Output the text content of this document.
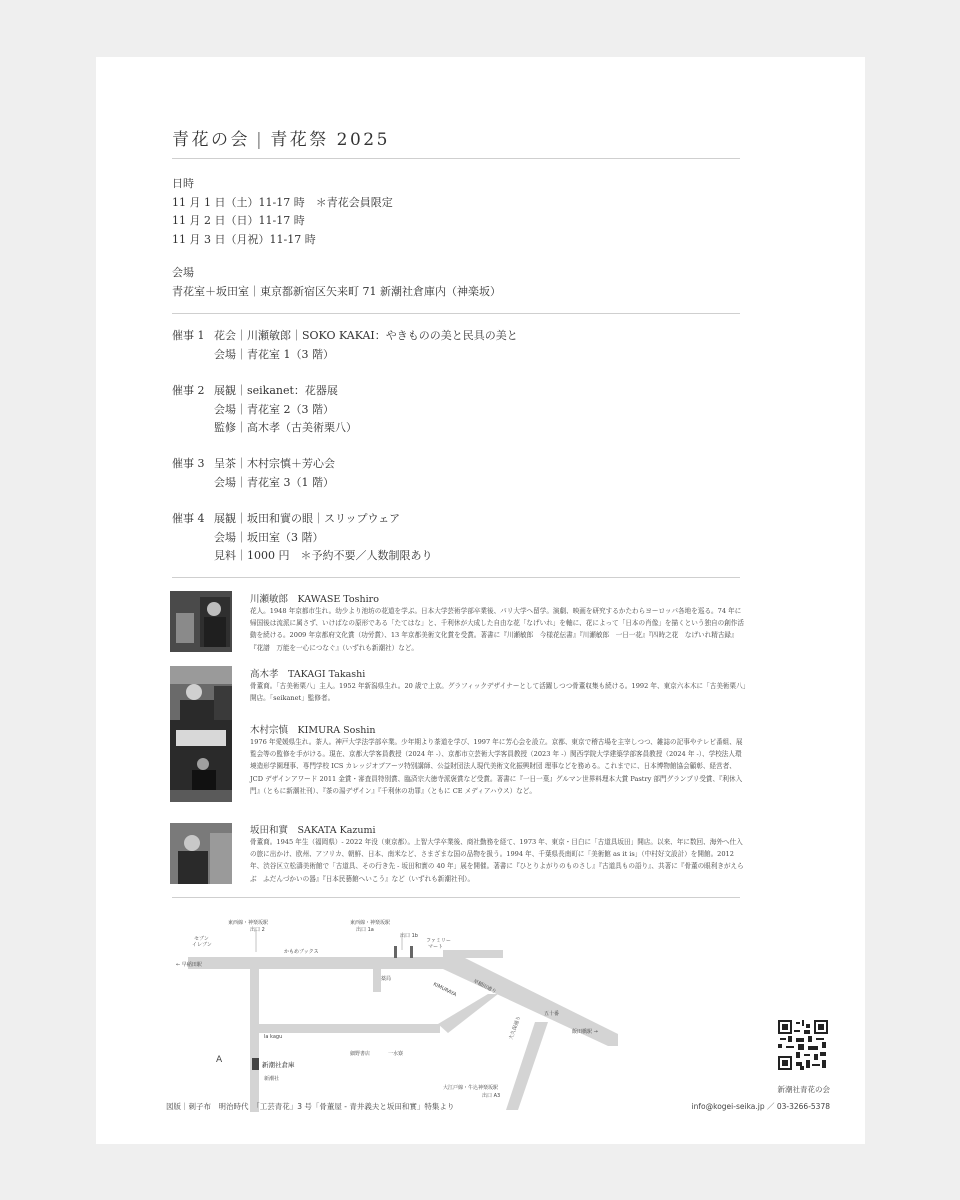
青花の会 | 青花祭 2025
日時
11 月 1 日（土）11-17 時　＊青花会員限定
11 月 2 日（日）11-17 時
11 月 3 日（月祝）11-17 時
会場
青花室＋坂田室｜東京都新宿区矢来町 71 新潮社倉庫内（神楽坂）
催事 1 花会｜川瀬敏郎｜SOKO KAKAI：やきものの美と民具の美と
会場｜青花室 1（3 階）
催事 2 展観｜seikanet：花器展
会場｜青花室 2（3 階）
監修｜高木孝（古美術栗八）
催事 3 呈茶｜木村宗慎＋芳心会
会場｜青花室 3（1 階）
催事 4 展観｜坂田和實の眼｜スリップウェア
会場｜坂田室（3 階）
見料｜1000 円　＊予約不要／人数制限あり
川瀬敏郎　KAWASE Toshiro
花人。1948 年京都市生れ。幼少より池坊の花道を学ぶ。日本大学芸術学部卒業後、パリ大学へ留学。演劇、映画を研究するかたわらヨーロッパ各地を巡る。74 年に帰国後は流派に属さず、いけばなの原形である「たてはな」と、千利休が大成した自由な花「なげいれ」を軸に、花によって「日本の肖像」を描くという独自の創作活動を続ける。2009 年京都府文化賞（功労賞）、13 年京都美術文化賞を受賞。著書に『川瀬敏郎　今様花伝書』『川瀬敏郎　一日一花』『四時之花　なげいれ精古録』『花譜　万能を一心につなぐ』（いずれも新潮社）など。
高木孝　TAKAGI Takashi
骨董商。「古美術栗八」主人。1952 年新潟県生れ。20 歳で上京。グラフィックデザイナーとして活躍しつつ骨董収集も続ける。1992 年、東京六本木に「古美術栗八」開店。「seikanet」監修者。
木村宗慎　KIMURA Soshin
1976 年愛媛県生れ。茶人。神戸大学法学部卒業。少年期より茶道を学び、1997 年に芳心会を設立。京都、東京で稽古場を主宰しつつ、雑誌の記事やテレビ番組、展覧会等の監修を手がける。現在、京都大学客員教授（2024 年 -）、京都市立芸術大学客員教授（2023 年 -）関西学院大学建築学部客員教授（2024 年 -）、学校法人環境造形学園理事、専門学校 ICS カレッジオブアーツ特別講師、公益財団法人現代美術文化振興財団 理事などを務める。これまでに、日本博物館協会顧彰、経営者、JCD デザインアワード 2011 金賞・審査員特別賞、臨済宗大徳寺派褒賞など受賞。著書に『一日一菓』グルマン世界料理本大賞 Pastry 部門グランプリ受賞、『利休入門』（ともに新潮社刊）、『茶の湯デザイン』『千利休の功罪』（ともに CE メディアハウス）など。
坂田和實　SAKATA Kazumi
骨董商。1945 年生（福岡県）- 2022 年没（東京都）。上智大学卒業後、商社勤務を経て、1973 年、東京・目白に「古道具坂田」開店。以来、年に数回、海外へ仕入の旅に出かけ、欧州、アフリカ、朝鮮、日本、南米など、さまざまな国の品物を扱う。1994 年、千葉県長南町に「美術館 as it is」（中村好文設計）を開館。2012 年、渋谷区立松濤美術館で「古道具、その行き先 - 坂田和實の 40 年」展を開催。著書に『ひとりよがりのものさし』『古道具もの語り』、共著に『骨董の眼利きがえらぶ　ふだんづかいの器』『日本民藝館へいこう』など（いずれも新潮社刊）。
東西線・神楽坂駅
出口 2
東西線・神楽坂駅
出口 1a
出口 1b
セブン
イレブン
かもめブックス
ファミリー
マート
← 早稲田駅
薬局
KIMURAYA	早稲田通り
五十番
飯田橋駅 →
大久保通り
la kagu
新潮社倉庫
新潮社
細野書店	一水寮
大江戸線・牛込神楽坂駅
出口 A3
A
図版｜刺子布　明治時代　「工芸青花」3 号「骨董屋 - 青井義夫と坂田和實」特集より
新潮社青花の会
info@kogei-seika.jp ／ 03-3266-5378
